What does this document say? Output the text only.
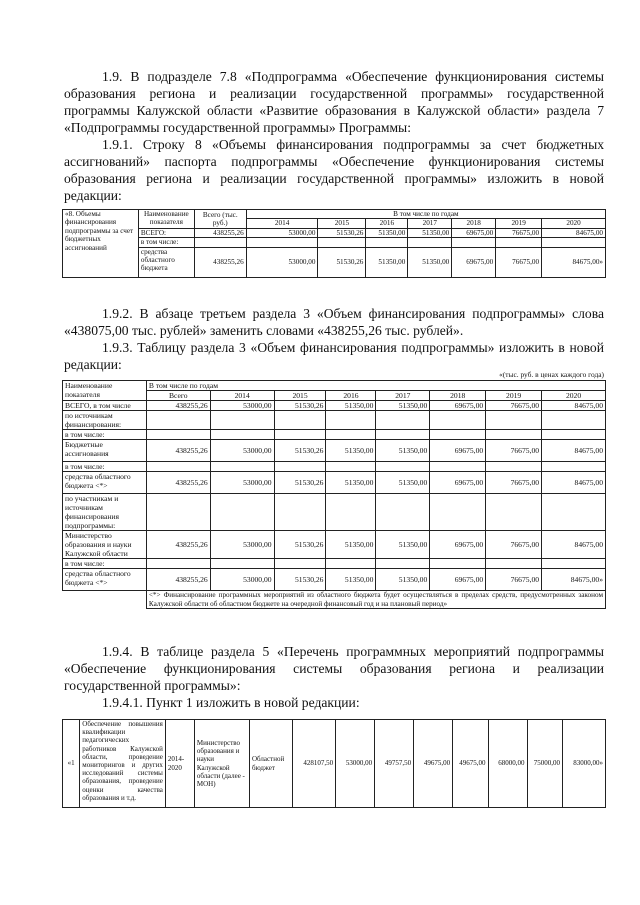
1.9. В подразделе 7.8 «Подпрограмма «Обеспечение функционирования системы образования региона и реализации государственной программы» государственной программы Калужской области «Развитие образования в Калужской области» раздела 7 «Подпрограммы государственной программы» Программы:

1.9.1. Строку 8 «Объемы финансирования подпрограммы за счет бюджетных ассигнований» паспорта подпрограммы «Обеспечение функционирования системы образования региона и реализации государственной программы» изложить в новой редакции:

«8. Объемы финансирования подпрограммы за счет бюджетных ассигнований	Наименование показателя	Всего (тыс. руб.)	В том числе по годам						
			2014	2015	2016	2017	2018	2019	2020
	ВСЕГО:	438255,26	53000,00	51530,26	51350,00	51350,00	69675,00	76675,00	84675,00
	в том числе:								
	средства областного бюджета	438255,26	53000,00	51530,26	51350,00	51350,00	69675,00	76675,00	84675,00»

1.9.2. В абзаце третьем раздела 3 «Объем финансирования подпрограммы» слова «438075,00 тыс. рублей» заменить словами «438255,26 тыс. рублей».

1.9.3. Таблицу раздела 3 «Объем финансирования подпрограммы» изложить в новой редакции:

«(тыс. руб. в ценах каждого года)
Наименование показателя	В том числе по годам							
	Всего	2014	2015	2016	2017	2018	2019	2020
ВСЕГО, в том числе	438255,26	53000,00	51530,26	51350,00	51350,00	69675,00	76675,00	84675,00
по источникам финансирования:								
в том числе:								
Бюджетные ассигнования	438255,26	53000,00	51530,26	51350,00	51350,00	69675,00	76675,00	84675,00
в том числе:								
средства областного бюджета <*>	438255,26	53000,00	51530,26	51350,00	51350,00	69675,00	76675,00	84675,00
по участникам и источникам финансирования подпрограммы:								
Министерство образования и науки Калужской области	438255,26	53000,00	51530,26	51350,00	51350,00	69675,00	76675,00	84675,00
в том числе:								
средства областного бюджета <*>	438255,26	53000,00	51530,26	51350,00	51350,00	69675,00	76675,00	84675,00»
	<*> Финансирование программных мероприятий из областного бюджета будет осуществляться в пределах средств, предусмотренных законом Калужской области об областном бюджете на очередной финансовый год и на плановый период»							

1.9.4. В таблице раздела 5 «Перечень программных мероприятий подпрограммы «Обеспечение функционирования системы образования региона и реализации государственной программы»:

1.9.4.1. Пункт 1 изложить в новой редакции:

«1	Обеспечение повышения квалификации педагогических работников Калужской области, проведение мониторингов и других исследований системы образования, проведение оценки качества образования и т.д.	2014-2020	Министерство образования и науки Калужской области (далее - МОН)	Областной бюджет	428107,50	53000,00	49757,50	49675,00	49675,00	68000,00	75000,00	83000,00»
